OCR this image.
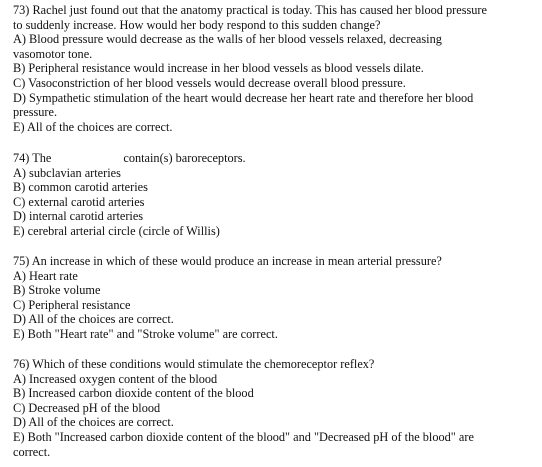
73) Rachel just found out that the anatomy practical is today. This has caused her blood pressure
to suddenly increase. How would her body respond to this sudden change?
A) Blood pressure would decrease as the walls of her blood vessels relaxed, decreasing
vasomotor tone.
B) Peripheral resistance would increase in her blood vessels as blood vessels dilate.
C) Vasoconstriction of her blood vessels would decrease overall blood pressure.
D) Sympathetic stimulation of the heart would decrease her heart rate and therefore her blood
pressure.
E) All of the choices are correct.
74) The	contain(s) baroreceptors.
A) subclavian arteries
B) common carotid arteries
C) external carotid arteries
D) internal carotid arteries
E) cerebral arterial circle (circle of Willis)
75) An increase in which of these would produce an increase in mean arterial pressure?
A) Heart rate
B) Stroke volume
C) Peripheral resistance
D) All of the choices are correct.
E) Both "Heart rate" and "Stroke volume" are correct.
76) Which of these conditions would stimulate the chemoreceptor reflex?
A) Increased oxygen content of the blood
B) Increased carbon dioxide content of the blood
C) Decreased pH of the blood
D) All of the choices are correct.
E) Both "Increased carbon dioxide content of the blood" and "Decreased pH of the blood" are
correct.
